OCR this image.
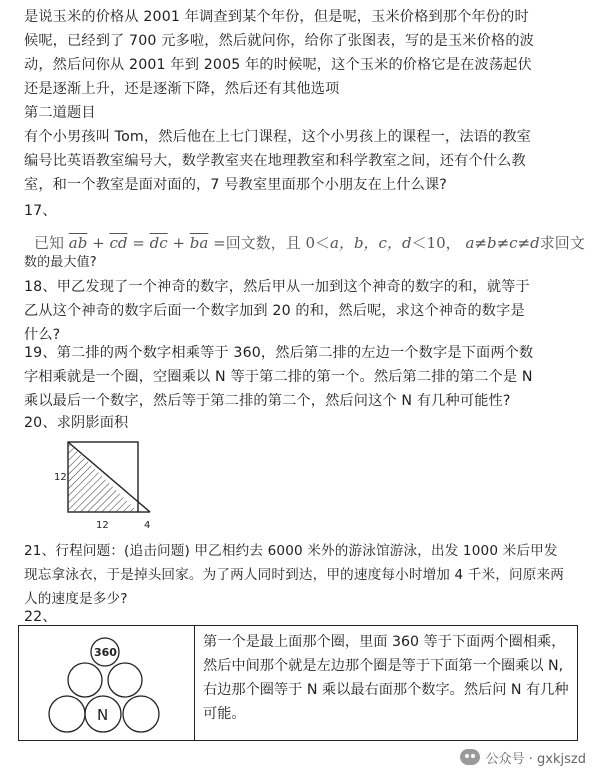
是说玉米的价格从 2001 年调查到某个年份，但是呢，玉米价格到那个年份的时
候呢，已经到了 700 元多啦，然后就问你，给你了张图表，写的是玉米价格的波
动，然后问你从 2001 年到 2005 年的时候呢，这个玉米的价格它是在波荡起伏
还是逐渐上升，还是逐渐下降，然后还有其他选项
第二道题目
有个小男孩叫 Tom，然后他在上七门课程，这个小男孩上的课程一，法语的教室
编号比英语教室编号大，数学教室夹在地理教室和科学教室之间，还有个什么教
室，和一个教室是面对面的，7 号教室里面那个小朋友在上什么课?
17、
已知 $\overline{ab} + \overline{cd} = \overline{dc} + \overline{ba}$ =回文数，且 0＜a，b，c，d＜10， a≠b≠c≠d求回文
数的最大值?
18、甲乙发现了一个神奇的数字，然后甲从一加到这个神奇的数字的和，就等于
乙从这个神奇的数字后面一个数字加到 20 的和，然后呢，求这个神奇的数字是
什么?
19、第二排的两个数字相乘等于 360，然后第二排的左边一个数字是下面两个数
字相乘就是一个圈，空圈乘以 N 等于第二排的第一个。然后第二排的第二个是 N
乘以最后一个数字，然后等于第二排的第二个，然后问这个 N 有几种可能性?
20、求阴影面积
21、行程问题：(追击问题) 甲乙相约去 6000 米外的游泳馆游泳，出发 1000 米后甲发
现忘拿泳衣，于是掉头回家。为了两人同时到达，甲的速度每小时增加 4 千米，问原来两
人的速度是多少?
22、
12
12	4
360
N
第一个是最上面那个圈，里面 360 等于下面两个圈相乘，然后中间那个就是左边那个圈是等于下面第一个圈乘以 N,右边那个圈等于 N 乘以最右面那个数字。然后问 N 有几种可能。
公众号 · gxkjszd
